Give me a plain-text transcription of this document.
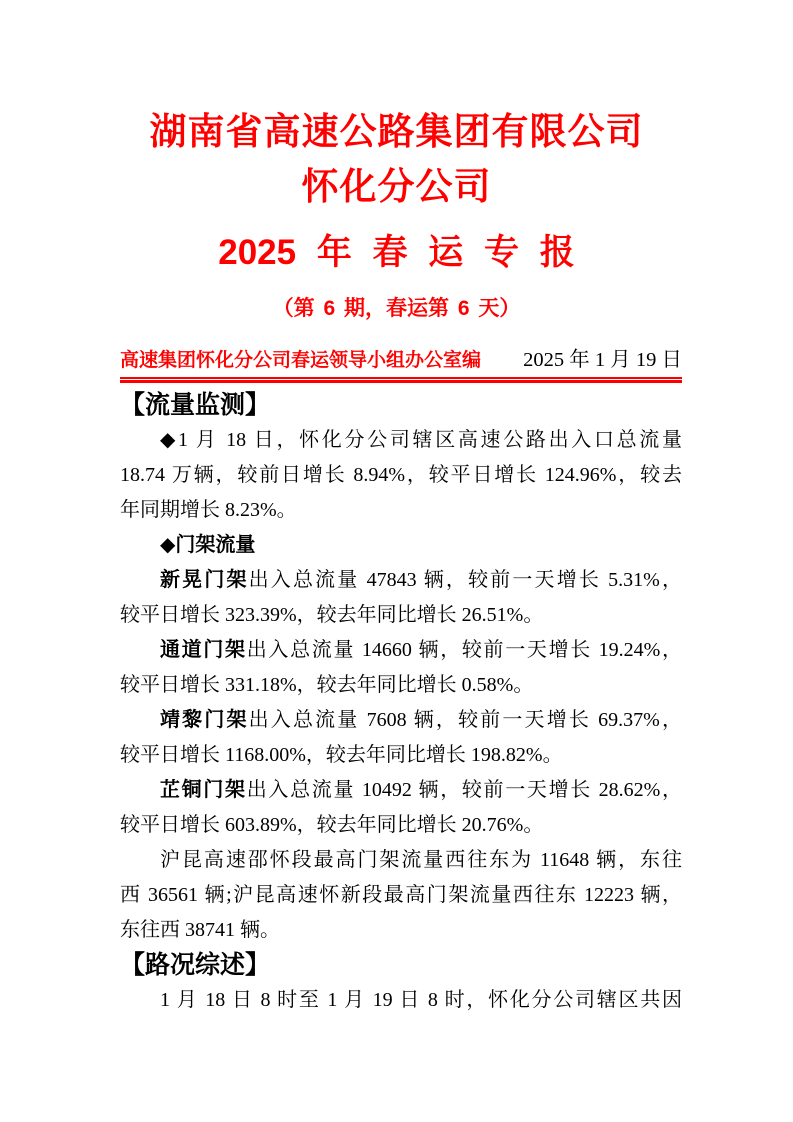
湖南省高速公路集团有限公司
怀化分公司
2025 年 春 运 专 报
（第 6 期，春运第 6 天）
高速集团怀化分公司春运领导小组办公室编 2025 年 1 月 19 日
【流量监测】
◆1 月 18 日，怀化分公司辖区高速公路出入口总流量
18.74 万辆，较前日增长 8.94%，较平日增长 124.96%，较去
年同期增长 8.23%。
◆门架流量
新晃门架出入总流量 47843 辆，较前一天增长 5.31%，
较平日增长 323.39%，较去年同比增长 26.51%。
通道门架出入总流量 14660 辆，较前一天增长 19.24%，
较平日增长 331.18%，较去年同比增长 0.58%。
靖黎门架出入总流量 7608 辆，较前一天增长 69.37%，
较平日增长 1168.00%，较去年同比增长 198.82%。
芷铜门架出入总流量 10492 辆，较前一天增长 28.62%，
较平日增长 603.89%，较去年同比增长 20.76%。
沪昆高速邵怀段最高门架流量西往东为 11648 辆，东往
西 36561 辆;沪昆高速怀新段最高门架流量西往东 12223 辆，
东往西 38741 辆。
【路况综述】
1 月 18 日 8 时至 1 月 19 日 8 时，怀化分公司辖区共因
